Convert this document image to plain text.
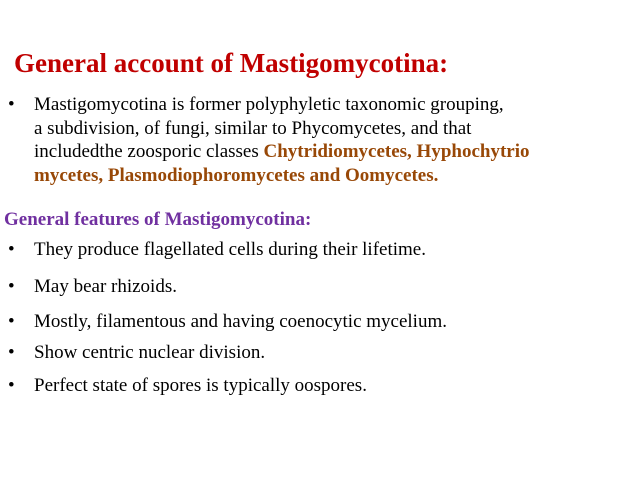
General account of Mastigomycotina:
• Mastigomycotina is former polyphyletic taxonomic grouping,
a subdivision, of fungi, similar to Phycomycetes, and that
includedthe zoosporic classes Chytridiomycetes, Hyphochytrio
mycetes, Plasmodiophoromycetes and Oomycetes.
General features of Mastigomycotina:
• They produce flagellated cells during their lifetime.
• May bear rhizoids.
• Mostly, filamentous and having coenocytic mycelium.
• Show centric nuclear division.
• Perfect state of spores is typically oospores.
